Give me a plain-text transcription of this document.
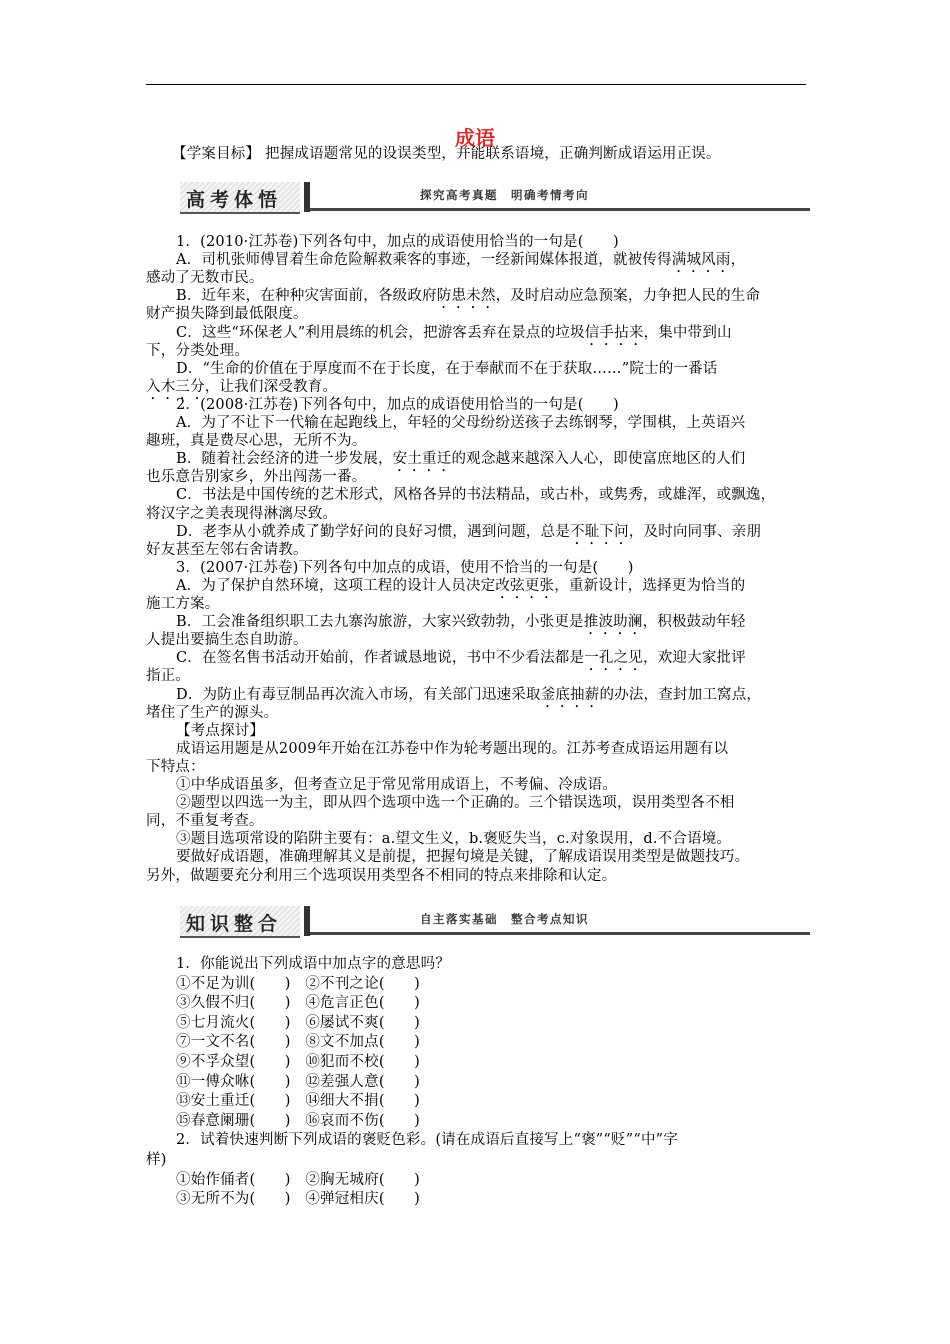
成语
【学案目标】 把握成语题常见的设误类型，并能联系语境，正确判断成语运用正误。
高考体悟	探究高考真题　明确考情考向
1．(2010·江苏卷)下列各句中，加点的成语使用恰当的一句是(　　)
A．司机张师傅冒着生命危险解救乘客的事迹，一经新闻媒体报道，就被传得满城风雨，
感动了无数市民。
B．近年来，在种种灾害面前，各级政府防患未然，及时启动应急预案，力争把人民的生命
财产损失降到最低限度。
C．这些“环保老人”利用晨练的机会，把游客丢弃在景点的垃圾信手拈来，集中带到山
下，分类处理。
D．“生命的价值在于厚度而不在于长度，在于奉献而不在于获取……”院士的一番话
入木三分，让我们深受教育。
2．(2008·江苏卷)下列各句中，加点的成语使用恰当的一句是(　　)
A．为了不让下一代输在起跑线上，年轻的父母纷纷送孩子去练钢琴，学围棋，上英语兴
趣班，真是费尽心思，无所不为。
B．随着社会经济的进一步发展，安土重迁的观念越来越深入人心，即使富庶地区的人们
也乐意告别家乡，外出闯荡一番。
C．书法是中国传统的艺术形式，风格各异的书法精品，或古朴，或隽秀，或雄浑，或飘逸，
将汉字之美表现得淋漓尽致。
D．老李从小就养成了勤学好问的良好习惯，遇到问题，总是不耻下问，及时向同事、亲朋
好友甚至左邻右舍请教。
3．(2007·江苏卷)下列各句中加点的成语，使用不恰当的一句是(　　)
A．为了保护自然环境，这项工程的设计人员决定改弦更张，重新设计，选择更为恰当的
施工方案。
B．工会准备组织职工去九寨沟旅游，大家兴致勃勃，小张更是推波助澜，积极鼓动年轻
人提出要搞生态自助游。
C．在签名售书活动开始前，作者诚恳地说，书中不少看法都是一孔之见，欢迎大家批评
指正。
D．为防止有毒豆制品再次流入市场，有关部门迅速采取釜底抽薪的办法，查封加工窝点，
堵住了生产的源头。
【考点探讨】
成语运用题是从2009年开始在江苏卷中作为轮考题出现的。江苏考查成语运用题有以
下特点：
①中华成语虽多，但考查立足于常见常用成语上，不考偏、冷成语。
②题型以四选一为主，即从四个选项中选一个正确的。三个错误选项，误用类型各不相
同，不重复考查。
③题目选项常设的陷阱主要有：a.望文生义，b.褒贬失当，c.对象误用，d.不合语境。
要做好成语题，准确理解其义是前提，把握句境是关键，了解成语误用类型是做题技巧。
另外，做题要充分利用三个选项误用类型各不相同的特点来排除和认定。
知识整合	自主落实基础　整合考点知识
1．你能说出下列成语中加点字的意思吗？
①不足为训(　　)　②不刊之论(　　)
③久假不归(　　)　④危言正色(　　)
⑤七月流火(　　)　⑥屡试不爽(　　)
⑦一文不名(　　)　⑧文不加点(　　)
⑨不孚众望(　　)　⑩犯而不校(　　)
⑪一傅众咻(　　)　⑫差强人意(　　)
⑬安土重迁(　　)　⑭细大不捐(　　)
⑮春意阑珊(　　)　⑯哀而不伤(　　)
2．试着快速判断下列成语的褒贬色彩。(请在成语后直接写上“褒”“贬”“中”字
样)
①始作俑者(　　)　②胸无城府(　　)
③无所不为(　　)　④弹冠相庆(　　)
